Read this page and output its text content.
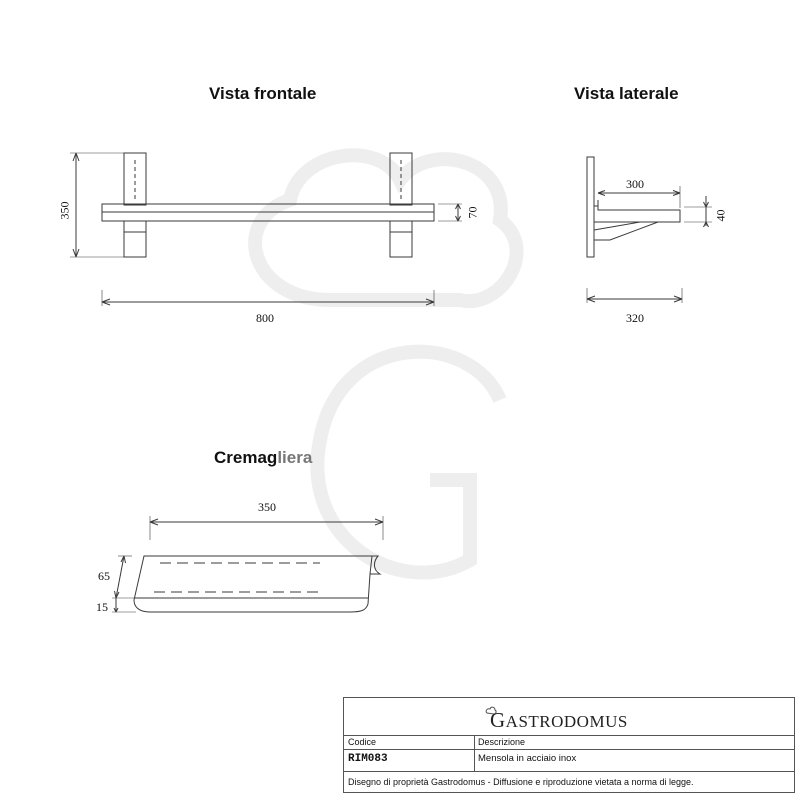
Vista frontale	Vista laterale
Cremagliera
350	70
800
300
40
320
350
65
15
GASTRODOMUS
Codice
RIM083
Descrizione
Mensola in acciaio inox
Disegno di proprietà Gastrodomus - Diffusione e riproduzione vietata a norma di legge.
